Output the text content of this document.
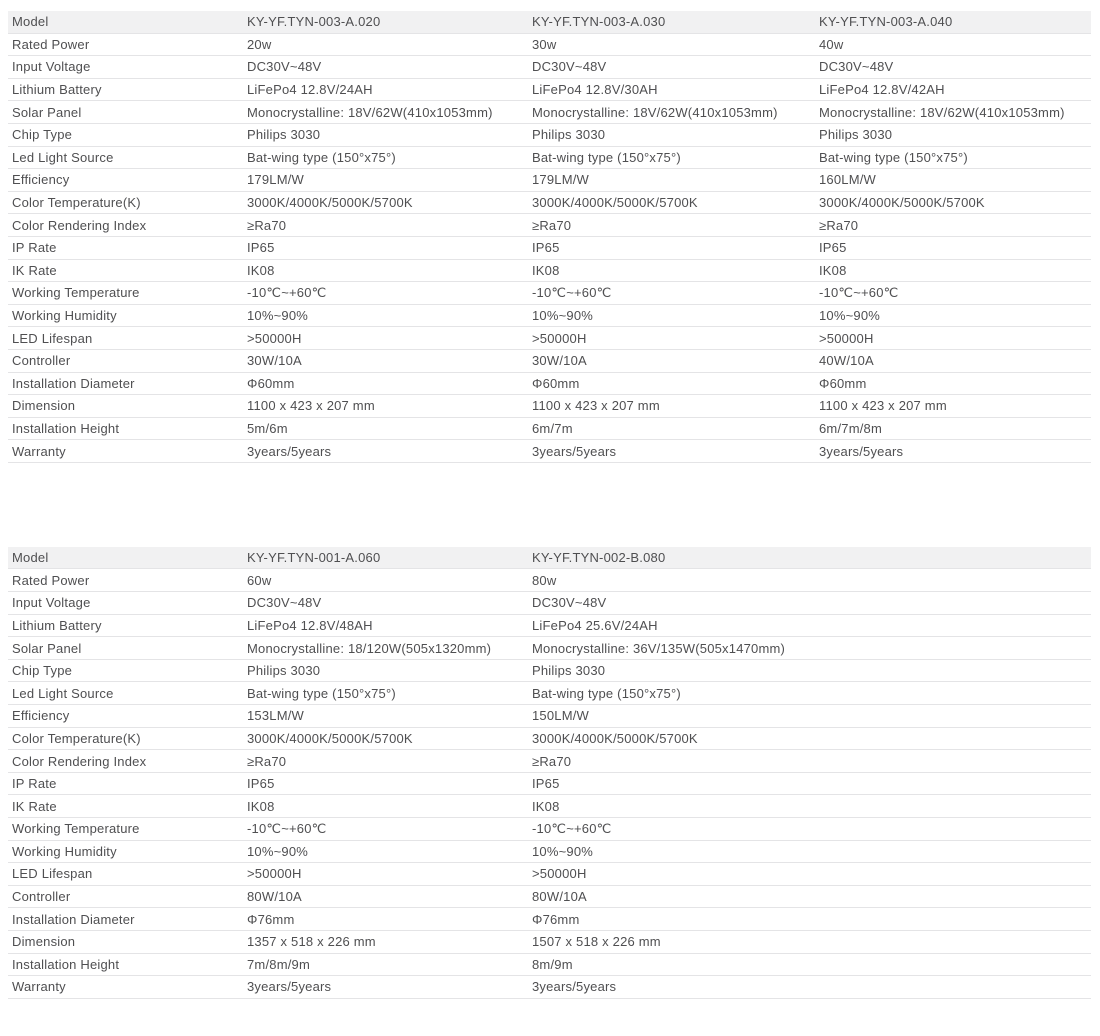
Model	KY-YF.TYN-003-A.020	KY-YF.TYN-003-A.030	KY-YF.TYN-003-A.040
Rated Power	20w	30w	40w
Input Voltage	DC30V~48V	DC30V~48V	DC30V~48V
Lithium Battery	LiFePo4 12.8V/24AH	LiFePo4 12.8V/30AH	LiFePo4 12.8V/42AH
Solar Panel	Monocrystalline: 18V/62W(410x1053mm)	Monocrystalline: 18V/62W(410x1053mm)	Monocrystalline: 18V/62W(410x1053mm)
Chip Type	Philips 3030	Philips 3030	Philips 3030
Led Light Source	Bat-wing type (150°x75°)	Bat-wing type (150°x75°)	Bat-wing type (150°x75°)
Efficiency	179LM/W	179LM/W	160LM/W
Color Temperature(K)	3000K/4000K/5000K/5700K	3000K/4000K/5000K/5700K	3000K/4000K/5000K/5700K
Color Rendering Index	≥Ra70	≥Ra70	≥Ra70
IP Rate	IP65	IP65	IP65
IK Rate	IK08	IK08	IK08
Working Temperature	-10℃~+60℃	-10℃~+60℃	-10℃~+60℃
Working Humidity	10%~90%	10%~90%	10%~90%
LED Lifespan	>50000H	>50000H	>50000H
Controller	30W/10A	30W/10A	40W/10A
Installation Diameter	Φ60mm	Φ60mm	Φ60mm
Dimension	1100 x 423 x 207 mm	1100 x 423 x 207 mm	1100 x 423 x 207 mm
Installation Height	5m/6m	6m/7m	6m/7m/8m
Warranty	3years/5years	3years/5years	3years/5years
Model	KY-YF.TYN-001-A.060	KY-YF.TYN-002-B.080
Rated Power	60w	80w
Input Voltage	DC30V~48V	DC30V~48V
Lithium Battery	LiFePo4 12.8V/48AH	LiFePo4 25.6V/24AH
Solar Panel	Monocrystalline: 18/120W(505x1320mm)	Monocrystalline: 36V/135W(505x1470mm)
Chip Type	Philips 3030	Philips 3030
Led Light Source	Bat-wing type (150°x75°)	Bat-wing type (150°x75°)
Efficiency	153LM/W	150LM/W
Color Temperature(K)	3000K/4000K/5000K/5700K	3000K/4000K/5000K/5700K
Color Rendering Index	≥Ra70	≥Ra70
IP Rate	IP65	IP65
IK Rate	IK08	IK08
Working Temperature	-10℃~+60℃	-10℃~+60℃
Working Humidity	10%~90%	10%~90%
LED Lifespan	>50000H	>50000H
Controller	80W/10A	80W/10A
Installation Diameter	Φ76mm	Φ76mm
Dimension	1357 x 518 x 226 mm	1507 x 518 x 226 mm
Installation Height	7m/8m/9m	8m/9m
Warranty	3years/5years	3years/5years
